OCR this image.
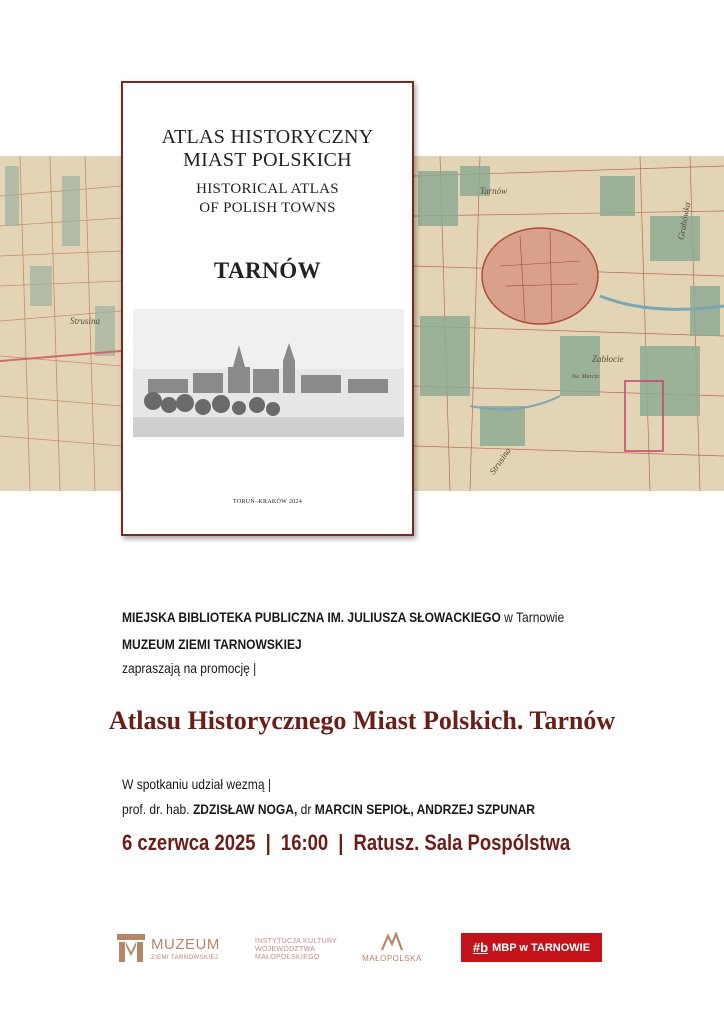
Strusina
Tarnów
Zabłocie
Sw. Marcin
Strusina
Grabówka
ATLAS HISTORYCZNY
MIAST POLSKICH
HISTORICAL ATLAS
OF POLISH TOWNS
TARNÓW
TORUŃ–KRAKÓW 2024
MIEJSKA BIBLIOTEKA PUBLICZNA IM. JULIUSZA SŁOWACKIEGO w Tarnowie
MUZEUM ZIEMI TARNOWSKIEJ
zapraszają na promocję |
Atlasu Historycznego Miast Polskich. Tarnów
W spotkaniu udział wezmą |
prof. dr. hab. ZDZISŁAW NOGA, dr MARCIN SEPIOŁ, ANDRZEJ SZPUNAR
6 czerwca 2025 | 16:00 | Ratusz. Sala Pospólstwa
MUZEUM
ZIEMI TARNOWSKIEJ
INSTYTUCJA KULTURY
WOJEWÓDZTWA
MAŁOPOLSKIEGO	MAŁOPOLSKA
#b MBP w TARNOWIE
